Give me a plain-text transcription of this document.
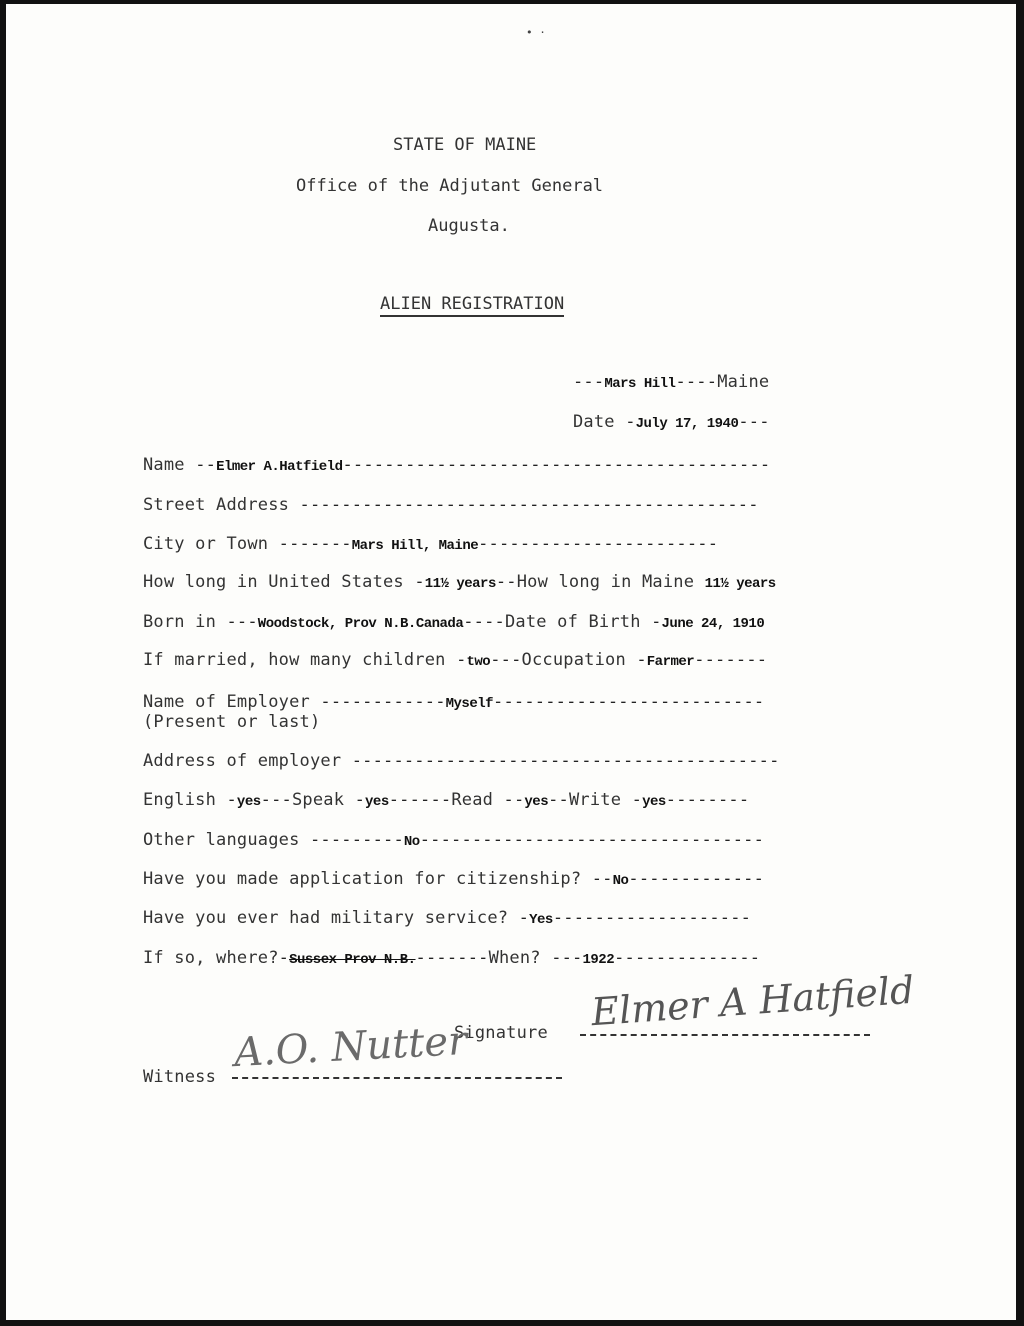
• ·
STATE OF MAINE
Office of the Adjutant General
Augusta.
ALIEN REGISTRATION
---Mars Hill----Maine
Date -July 17, 1940---
Name --Elmer A.Hatfield-----------------------------------------
Street Address --------------------------------------------
City or Town -------Mars Hill, Maine-----------------------
How long in United States -11½ years--How long in Maine 11½ years
Born in ---Woodstock, Prov N.B.Canada----Date of Birth -June 24, 1910
If married, how many children -two---Occupation -Farmer-------
Name of Employer ------------Myself--------------------------
(Present or last)
Address of employer -----------------------------------------
English -yes---Speak -yes------Read --yes--Write -yes--------
Other languages ---------No---------------------------------
Have you made application for citizenship? --No-------------
Have you ever had military service? -Yes-------------------
If so, where?-Sussex Prov N.B.-------When? ---1922--------------
Signature Elmer A Hatfield
Witness
A.O. Nutter
